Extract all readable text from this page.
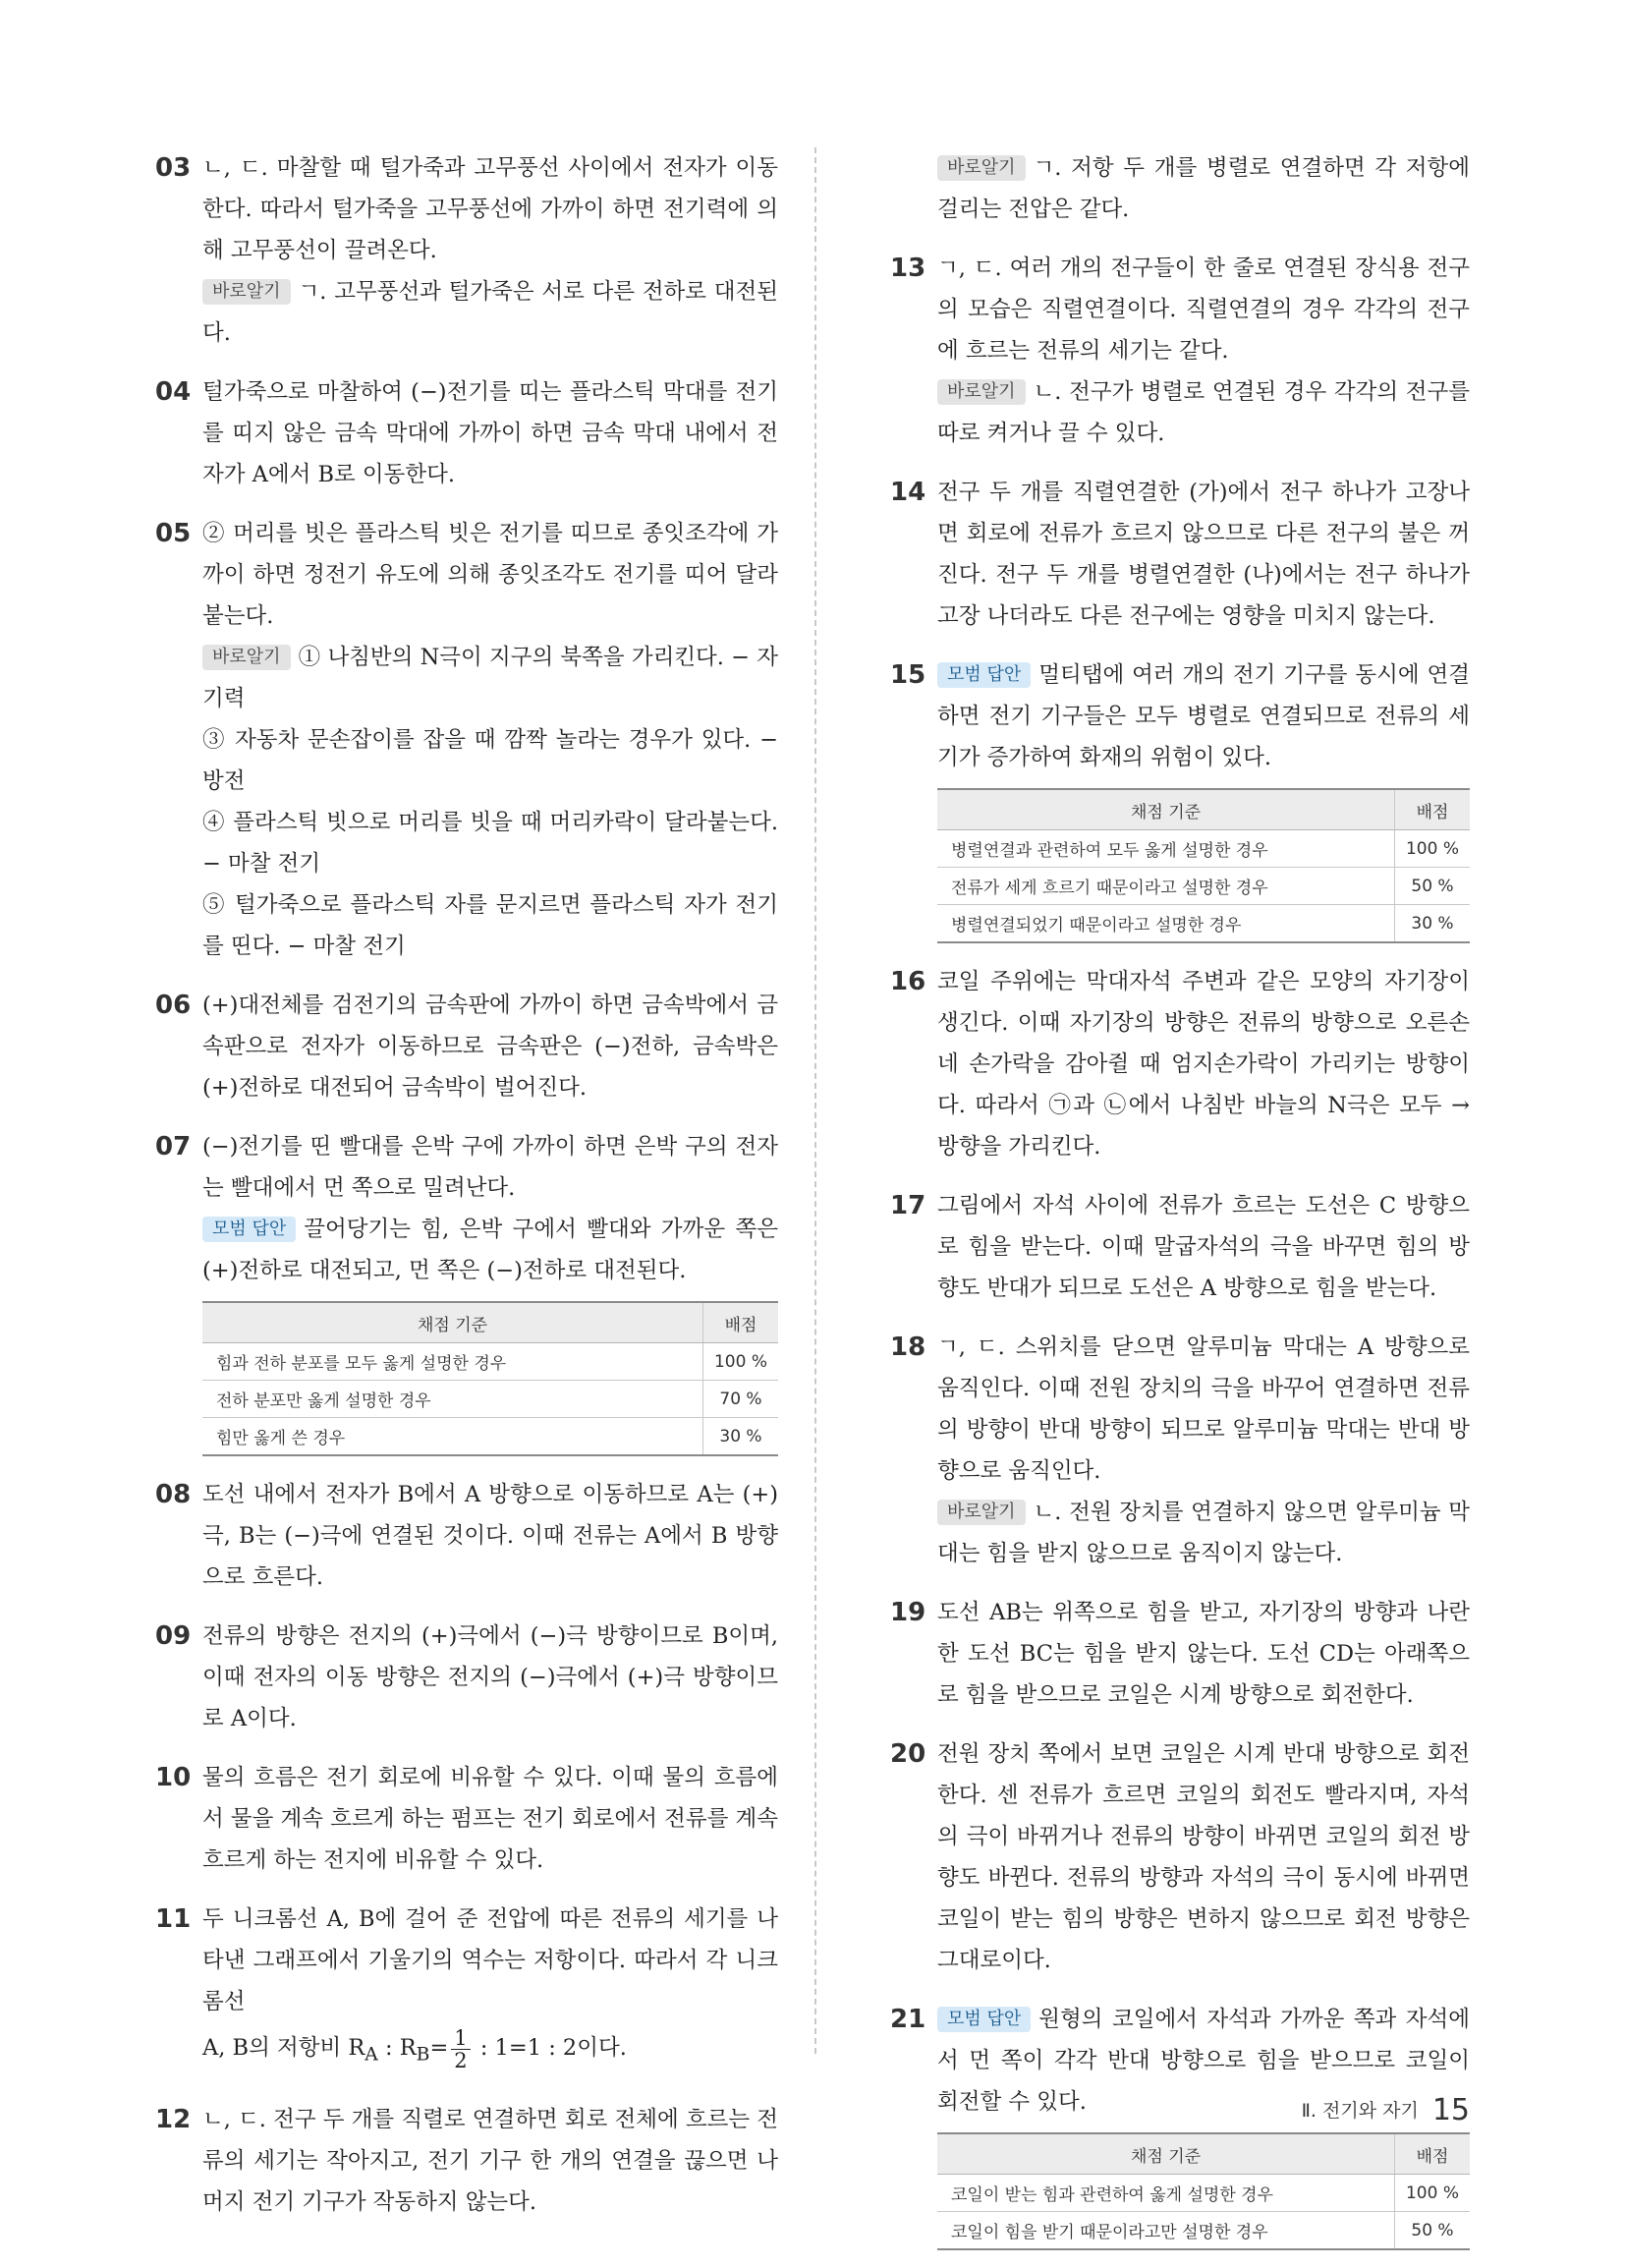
03 ㄴ, ㄷ. 마찰할 때 털가죽과 고무풍선 사이에서 전자가 이동한다. 따라서 털가죽을 고무풍선에 가까이 하면 전기력에 의해 고무풍선이 끌려온다.

바로알기 ㄱ. 고무풍선과 털가죽은 서로 다른 전하로 대전된다.

04 털가죽으로 마찰하여 (−)전기를 띠는 플라스틱 막대를 전기를 띠지 않은 금속 막대에 가까이 하면 금속 막대 내에서 전자가 A에서 B로 이동한다.

05 ② 머리를 빗은 플라스틱 빗은 전기를 띠므로 종잇조각에 가까이 하면 정전기 유도에 의해 종잇조각도 전기를 띠어 달라붙는다.

바로알기 ① 나침반의 N극이 지구의 북쪽을 가리킨다. − 자기력

③ 자동차 문손잡이를 잡을 때 깜짝 놀라는 경우가 있다. − 방전

④ 플라스틱 빗으로 머리를 빗을 때 머리카락이 달라붙는다. − 마찰 전기

⑤ 털가죽으로 플라스틱 자를 문지르면 플라스틱 자가 전기를 띤다. − 마찰 전기

06 (+)대전체를 검전기의 금속판에 가까이 하면 금속박에서 금속판으로 전자가 이동하므로 금속판은 (−)전하, 금속박은 (+)전하로 대전되어 금속박이 벌어진다.

07 (−)전기를 띤 빨대를 은박 구에 가까이 하면 은박 구의 전자는 빨대에서 먼 쪽으로 밀려난다.

모범 답안 끌어당기는 힘, 은박 구에서 빨대와 가까운 쪽은 (+)전하로 대전되고, 먼 쪽은 (−)전하로 대전된다.

채점 기준	배점
힘과 전하 분포를 모두 옳게 설명한 경우	100 %
전하 분포만 옳게 설명한 경우	70 %
힘만 옳게 쓴 경우	30 %
08 도선 내에서 전자가 B에서 A 방향으로 이동하므로 A는 (+)극, B는 (−)극에 연결된 것이다. 이때 전류는 A에서 B 방향으로 흐른다.

09 전류의 방향은 전지의 (+)극에서 (−)극 방향이므로 B이며, 이때 전자의 이동 방향은 전지의 (−)극에서 (+)극 방향이므로 A이다.

10 물의 흐름은 전기 회로에 비유할 수 있다. 이때 물의 흐름에서 물을 계속 흐르게 하는 펌프는 전기 회로에서 전류를 계속 흐르게 하는 전지에 비유할 수 있다.

11 두 니크롬선 A, B에 걸어 준 전압에 따른 전류의 세기를 나타낸 그래프에서 기울기의 역수는 저항이다. 따라서 각 니크롬선

A, B의 저항비 $R_A$ : $R_B= \frac{1}{2}$ : 1=1 : 2이다.

12 ㄴ, ㄷ. 전구 두 개를 직렬로 연결하면 회로 전체에 흐르는 전류의 세기는 작아지고, 전기 기구 한 개의 연결을 끊으면 나머지 전기 기구가 작동하지 않는다.

바로알기 ㄱ. 저항 두 개를 병렬로 연결하면 각 저항에 걸리는 전압은 같다.

13 ㄱ, ㄷ. 여러 개의 전구들이 한 줄로 연결된 장식용 전구의 모습은 직렬연결이다. 직렬연결의 경우 각각의 전구에 흐르는 전류의 세기는 같다.

바로알기 ㄴ. 전구가 병렬로 연결된 경우 각각의 전구를 따로 켜거나 끌 수 있다.

14 전구 두 개를 직렬연결한 (가)에서 전구 하나가 고장나면 회로에 전류가 흐르지 않으므로 다른 전구의 불은 꺼진다. 전구 두 개를 병렬연결한 (나)에서는 전구 하나가 고장 나더라도 다른 전구에는 영향을 미치지 않는다.

15	모범 답안 멀티탭에 여러 개의 전기 기구를 동시에 연결하면 전기 기구들은 모두 병렬로 연결되므로 전류의 세기가 증가하여 화재의 위험이 있다.

채점 기준	배점
병렬연결과 관련하여 모두 옳게 설명한 경우	100 %
전류가 세게 흐르기 때문이라고 설명한 경우	50 %
병렬연결되었기 때문이라고 설명한 경우	30 %
16 코일 주위에는 막대자석 주변과 같은 모양의 자기장이 생긴다. 이때 자기장의 방향은 전류의 방향으로 오른손 네 손가락을 감아쥘 때 엄지손가락이 가리키는 방향이다. 따라서 ㉠과 ㉡에서 나침반 바늘의 N극은 모두 → 방향을 가리킨다.

17 그림에서 자석 사이에 전류가 흐르는 도선은 C 방향으로 힘을 받는다. 이때 말굽자석의 극을 바꾸면 힘의 방향도 반대가 되므로 도선은 A 방향으로 힘을 받는다.

18 ㄱ, ㄷ. 스위치를 닫으면 알루미늄 막대는 A 방향으로 움직인다. 이때 전원 장치의 극을 바꾸어 연결하면 전류의 방향이 반대 방향이 되므로 알루미늄 막대는 반대 방향으로 움직인다.

바로알기 ㄴ. 전원 장치를 연결하지 않으면 알루미늄 막대는 힘을 받지 않으므로 움직이지 않는다.

19 도선 AB는 위쪽으로 힘을 받고, 자기장의 방향과 나란한 도선 BC는 힘을 받지 않는다. 도선 CD는 아래쪽으로 힘을 받으므로 코일은 시계 방향으로 회전한다.

20 전원 장치 쪽에서 보면 코일은 시계 반대 방향으로 회전한다. 센 전류가 흐르면 코일의 회전도 빨라지며, 자석의 극이 바뀌거나 전류의 방향이 바뀌면 코일의 회전 방향도 바뀐다. 전류의 방향과 자석의 극이 동시에 바뀌면 코일이 받는 힘의 방향은 변하지 않으므로 회전 방향은 그대로이다.

21	모범 답안 원형의 코일에서 자석과 가까운 쪽과 자석에서 먼 쪽이 각각 반대 방향으로 힘을 받으므로 코일이 회전할 수 있다.

채점 기준	배점
코일이 받는 힘과 관련하여 옳게 설명한 경우	100 %
코일이 힘을 받기 때문이라고만 설명한 경우	50 %
Ⅱ. 전기와 자기 15
